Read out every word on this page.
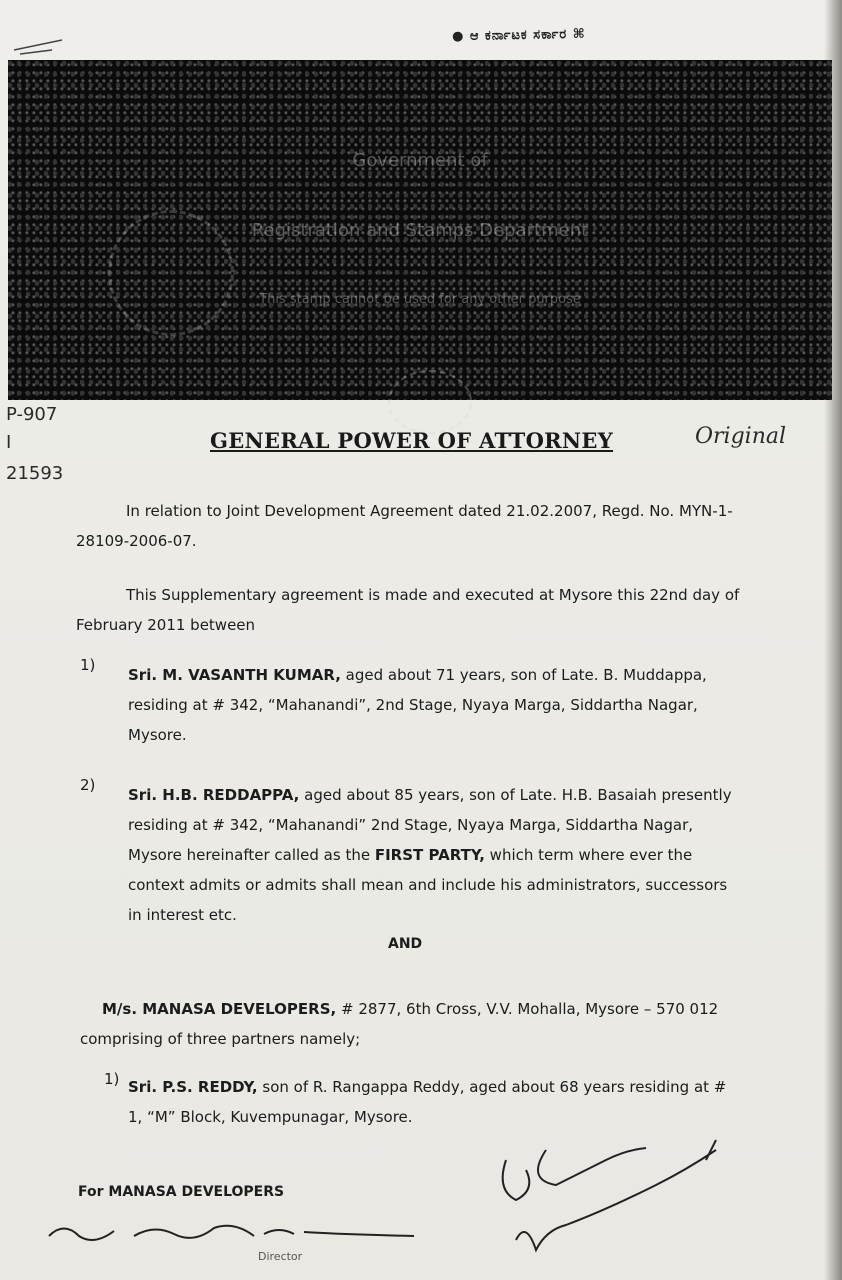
● ಆ ಕರ್ನಾಟಕ ಸರ್ಕಾರ ⌘
Government of
Registration and Stamps Department
This stamp cannot be used for any other purpose
P-907
I
21593
GENERAL POWER OF ATTORNEY	Original
In relation to Joint Development Agreement dated 21.02.2007, Regd. No. MYN-1-28109-2006-07.
This Supplementary agreement is made and executed at Mysore this 22nd day of February 2011 between
1)
Sri. M. VASANTH KUMAR, aged about 71 years, son of Late. B. Muddappa, residing at # 342, “Mahanandi”, 2nd Stage, Nyaya Marga, Siddartha Nagar, Mysore.
2)
Sri. H.B. REDDAPPA, aged about 85 years, son of Late. H.B. Basaiah presently residing at # 342, “Mahanandi” 2nd Stage, Nyaya Marga, Siddartha Nagar, Mysore hereinafter called as the FIRST PARTY, which term where ever the context admits or admits shall mean and include his administrators, successors in interest etc.
AND
M/s. MANASA DEVELOPERS, # 2877, 6th Cross, V.V. Mohalla, Mysore – 570 012 comprising of three partners namely;
1) Sri. P.S. REDDY, son of R. Rangappa Reddy, aged about 68 years residing at # 1, “M” Block, Kuvempunagar, Mysore.
For MANASA DEVELOPERS
Director
